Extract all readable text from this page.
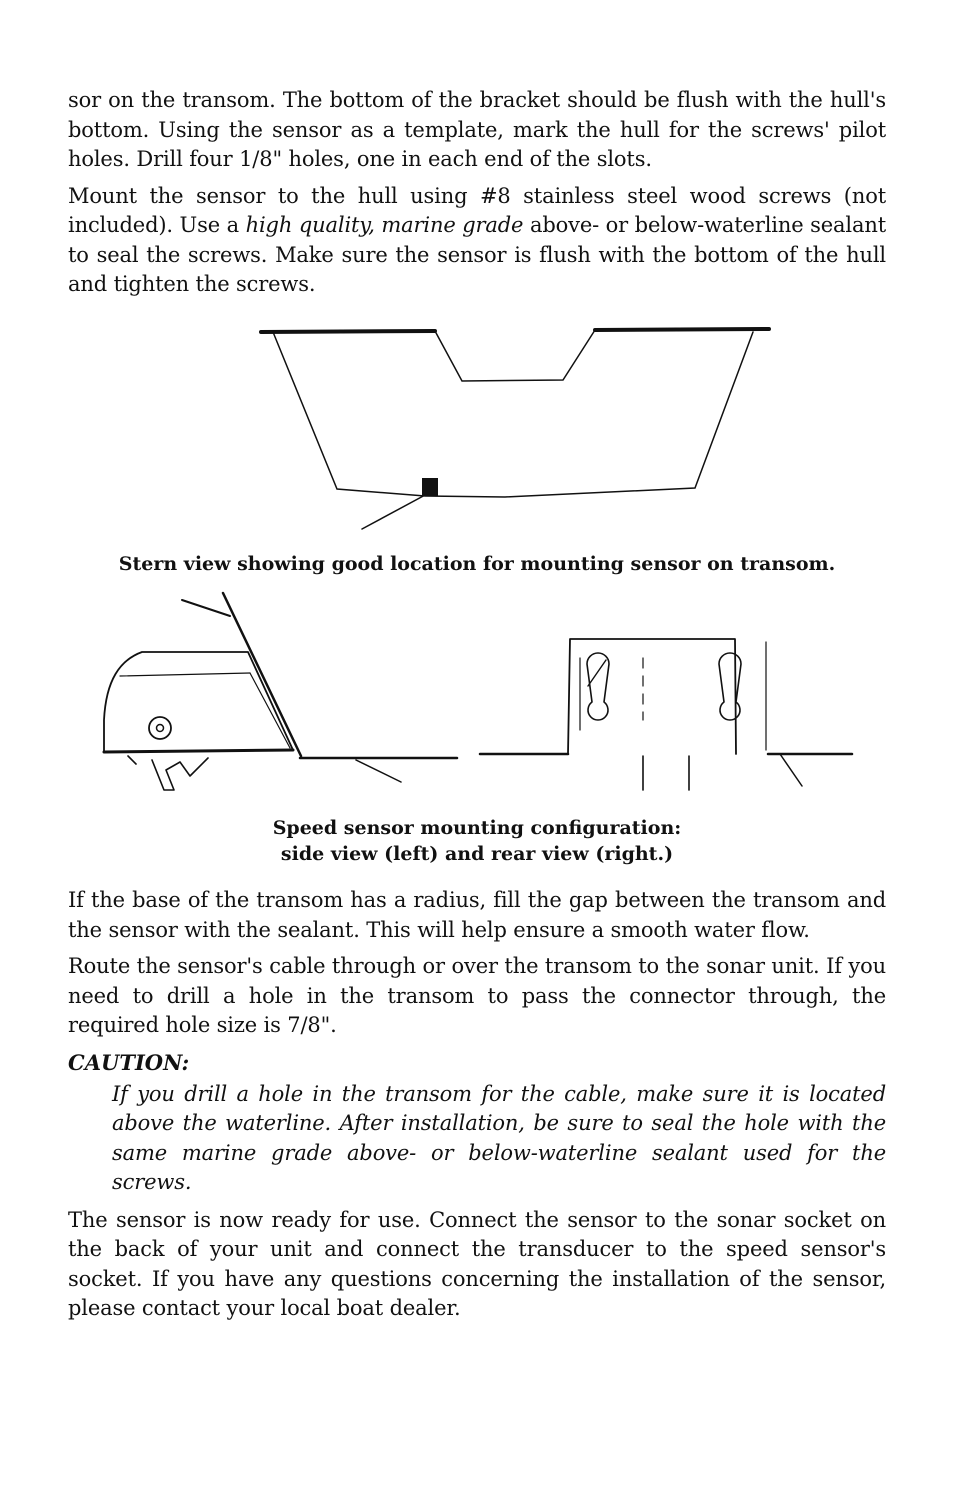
sor on the transom. The bottom of the bracket should be flush with the hull's bottom. Using the sensor as a template, mark the hull for the screws' pilot holes. Drill four 1/8" holes, one in each end of the slots.

Mount the sensor to the hull using #8 stainless steel wood screws (not included). Use a high quality, marine grade above- or below-waterline sealant to seal the screws. Make sure the sensor is flush with the bottom of the hull and tighten the screws.

Stern view showing good location for mounting sensor on transom.

Speed sensor mounting configuration:

side view (left) and rear view (right.)

If the base of the transom has a radius, fill the gap between the transom and the sensor with the sealant. This will help ensure a smooth water flow.

Route the sensor's cable through or over the transom to the sonar unit. If you need to drill a hole in the transom to pass the connector through, the required hole size is 7/8".

CAUTION:

If you drill a hole in the transom for the cable, make sure it is located above the waterline. After installation, be sure to seal the hole with the same marine grade above- or below-waterline sealant used for the screws.

The sensor is now ready for use. Connect the sensor to the sonar socket on the back of your unit and connect the transducer to the speed sensor's socket. If you have any questions concerning the installation of the sensor, please contact your local boat dealer.
